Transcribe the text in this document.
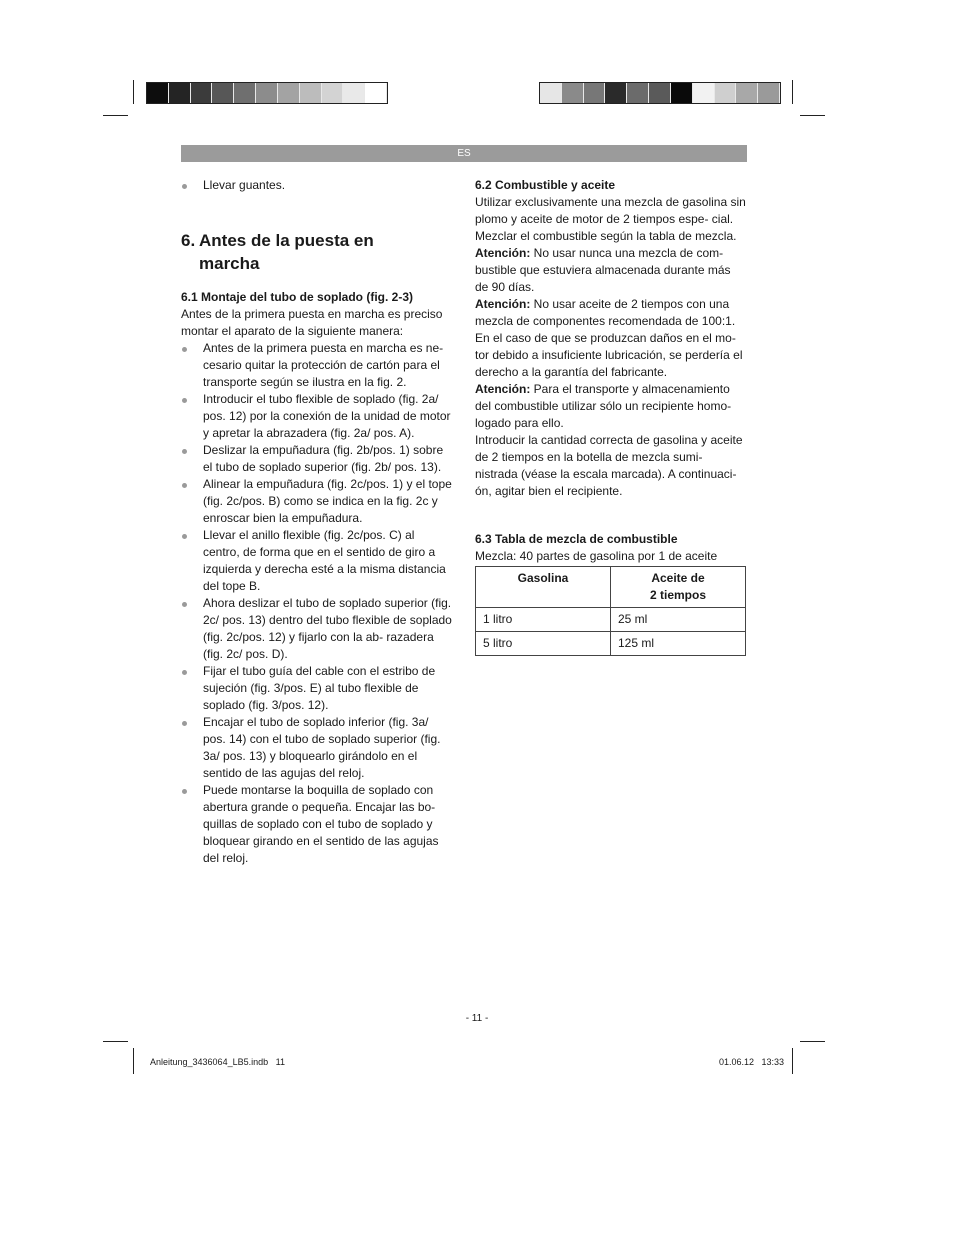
ES
Llevar guantes.
6. Antes de la puesta en
marcha

6.1 Montaje del tubo de soplado (fig. 2-3)

Antes de la primera puesta en marcha es preciso montar el aparato de la siguiente manera:

Antes de la primera puesta en marcha es ne- cesario quitar la protección de cartón para el transporte según se ilustra en la fig. 2.
Introducir el tubo flexible de soplado (fig. 2a/ pos. 12) por la conexión de la unidad de motor y apretar la abrazadera (fig. 2a/ pos. A).
Deslizar la empuñadura (fig. 2b/pos. 1) sobre el tubo de soplado superior (fig. 2b/ pos. 13).
Alinear la empuñadura (fig. 2c/pos. 1) y el tope (fig. 2c/pos. B) como se indica en la fig. 2c y enroscar bien la empuñadura.
Llevar el anillo flexible (fig. 2c/pos. C) al centro, de forma que en el sentido de giro a izquierda y derecha esté a la misma distancia del tope B.
Ahora deslizar el tubo de soplado superior (fig. 2c/ pos. 13) dentro del tubo flexible de soplado (fig. 2c/pos. 12) y fijarlo con la ab- razadera (fig. 2c/ pos. D).
Fijar el tubo guía del cable con el estribo de sujeción (fig. 3/pos. E) al tubo flexible de soplado (fig. 3/pos. 12).
Encajar el tubo de soplado inferior (fig. 3a/ pos. 14) con el tubo de soplado superior (fig. 3a/ pos. 13) y bloquearlo girándolo en el sentido de las agujas del reloj.
Puede montarse la boquilla de soplado con abertura grande o pequeña. Encajar las bo- quillas de soplado con el tubo de soplado y bloquear girando en el sentido de las agujas del reloj.

6.2 Combustible y aceite

Utilizar exclusivamente una mezcla de gasolina sin plomo y aceite de motor de 2 tiempos espe- cial. Mezclar el combustible según la tabla de mezcla.

Atención: No usar nunca una mezcla de com- bustible que estuviera almacenada durante más de 90 días.

Atención: No usar aceite de 2 tiempos con una mezcla de componentes recomendada de 100:1. En el caso de que se produzcan daños en el mo- tor debido a insuficiente lubricación, se perdería el derecho a la garantía del fabricante.

Atención: Para el transporte y almacenamiento del combustible utilizar sólo un recipiente homo- logado para ello.

Introducir la cantidad correcta de gasolina y aceite de 2 tiempos en la botella de mezcla sumi- nistrada (véase la escala marcada). A continuaci- ón, agitar bien el recipiente.

6.3 Tabla de mezcla de combustible

Mezcla: 40 partes de gasolina por 1 de aceite

Gasolina	Aceite de
2 tiempos
1 litro	25 ml
5 litro	125 ml
- 11 -
Anleitung_3436064_LB5.indb   11	01.06.12   13:33
